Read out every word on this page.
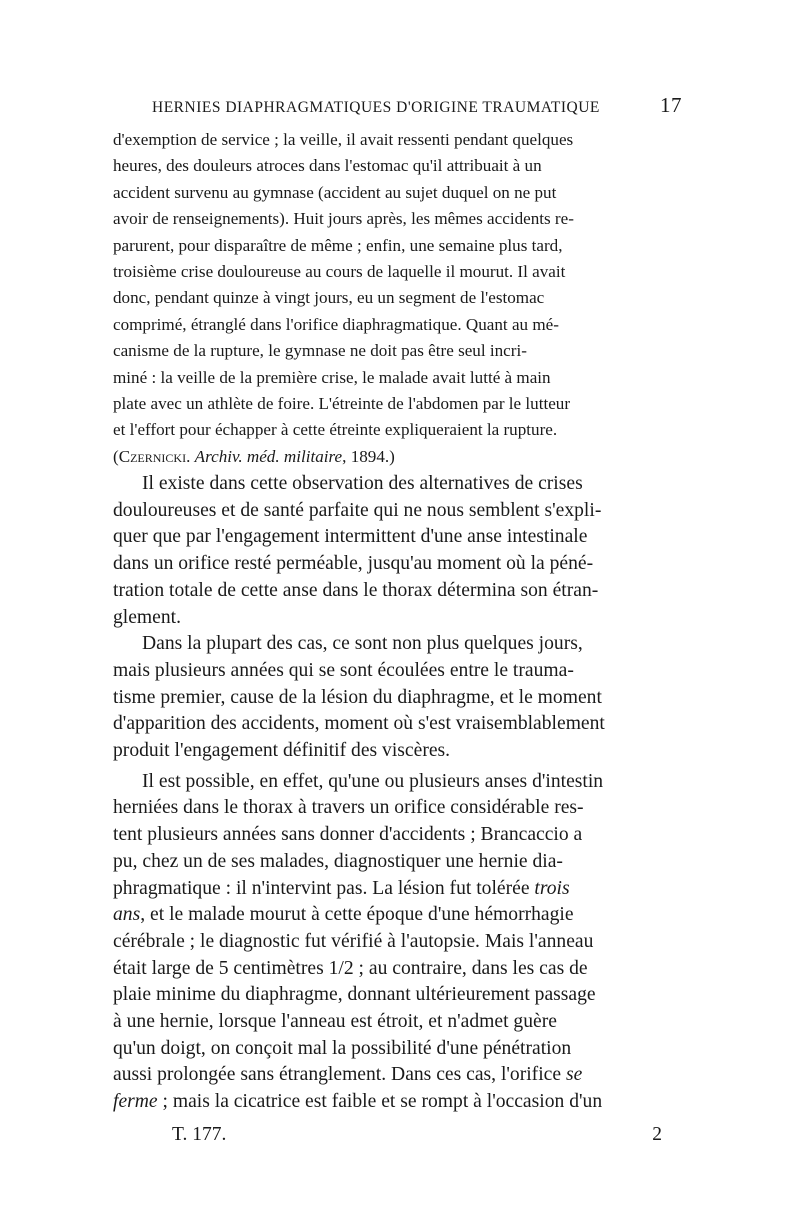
HERNIES DIAPHRAGMATIQUES D'ORIGINE TRAUMATIQUE	17
d'exemption de service ; la veille, il avait ressenti pendant quelques
heures, des douleurs atroces dans l'estomac qu'il attribuait à un
accident survenu au gymnase (accident au sujet duquel on ne put
avoir de renseignements). Huit jours après, les mêmes accidents re-
parurent, pour disparaître de même ; enfin, une semaine plus tard,
troisième crise douloureuse au cours de laquelle il mourut. Il avait
donc, pendant quinze à vingt jours, eu un segment de l'estomac
comprimé, étranglé dans l'orifice diaphragmatique. Quant au mé-
canisme de la rupture, le gymnase ne doit pas être seul incri-
miné : la veille de la première crise, le malade avait lutté à main
plate avec un athlète de foire. L'étreinte de l'abdomen par le lutteur
et l'effort pour échapper à cette étreinte expliqueraient la rupture.
(Czernicki. Archiv. méd. militaire, 1894.)
Il existe dans cette observation des alternatives de crises
douloureuses et de santé parfaite qui ne nous semblent s'expli-
quer que par l'engagement intermittent d'une anse intestinale
dans un orifice resté perméable, jusqu'au moment où la péné-
tration totale de cette anse dans le thorax détermina son étran-
glement.
Dans la plupart des cas, ce sont non plus quelques jours,
mais plusieurs années qui se sont écoulées entre le trauma-
tisme premier, cause de la lésion du diaphragme, et le moment
d'apparition des accidents, moment où s'est vraisemblablement
produit l'engagement définitif des viscères.
Il est possible, en effet, qu'une ou plusieurs anses d'intestin
herniées dans le thorax à travers un orifice considérable res-
tent plusieurs années sans donner d'accidents ; Brancaccio a
pu, chez un de ses malades, diagnostiquer une hernie dia-
phragmatique : il n'intervint pas. La lésion fut tolérée trois
ans, et le malade mourut à cette époque d'une hémorrhagie
cérébrale ; le diagnostic fut vérifié à l'autopsie. Mais l'anneau
était large de 5 centimètres 1/2 ; au contraire, dans les cas de
plaie minime du diaphragme, donnant ultérieurement passage
à une hernie, lorsque l'anneau est étroit, et n'admet guère
qu'un doigt, on conçoit mal la possibilité d'une pénétration
aussi prolongée sans étranglement. Dans ces cas, l'orifice se
ferme ; mais la cicatrice est faible et se rompt à l'occasion d'un
T. 177.	2
